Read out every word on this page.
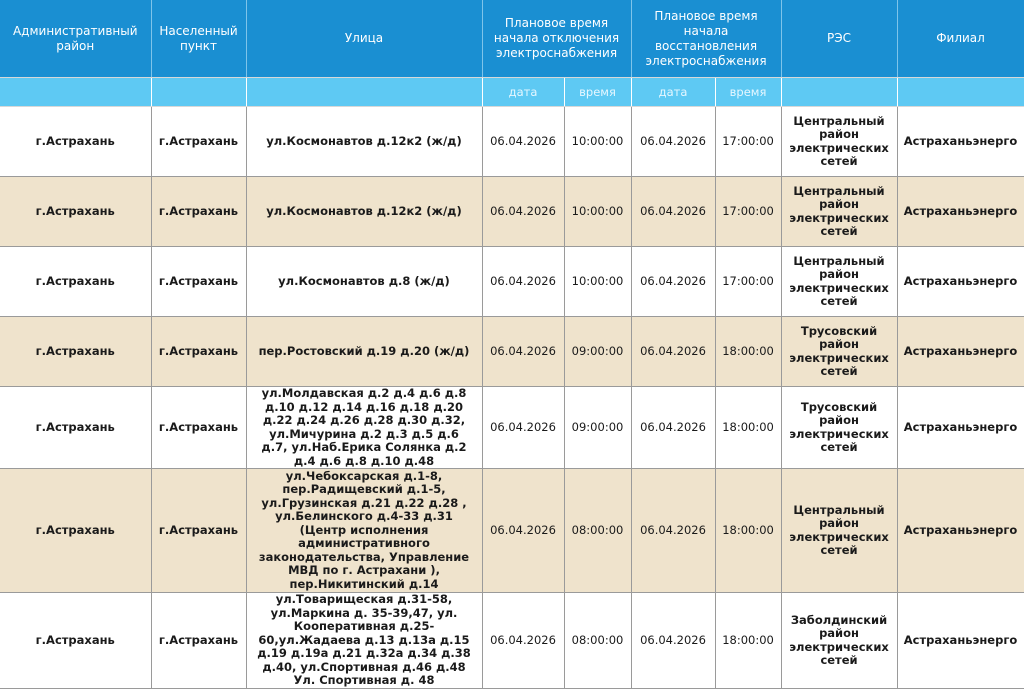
Административный район	Населенный пункт	Улица	Плановое время начала отключения электроснабжения		Плановое время начала восстановления электроснабжения		РЭС	Филиал
			дата	время	дата	время		
г.Астрахань	г.Астрахань	ул.Космонавтов д.12к2 (ж/д)	06.04.2026	10:00:00	06.04.2026	17:00:00	Центральный район электрических сетей	Астраханьэнерго
г.Астрахань	г.Астрахань	ул.Космонавтов д.12к2 (ж/д)	06.04.2026	10:00:00	06.04.2026	17:00:00	Центральный район электрических сетей	Астраханьэнерго
г.Астрахань	г.Астрахань	ул.Космонавтов д.8 (ж/д)	06.04.2026	10:00:00	06.04.2026	17:00:00	Центральный район электрических сетей	Астраханьэнерго
г.Астрахань	г.Астрахань	пер.Ростовский д.19 д.20 (ж/д)	06.04.2026	09:00:00	06.04.2026	18:00:00	Трусовский район электрических сетей	Астраханьэнерго
г.Астрахань	г.Астрахань	ул.Молдавская д.2 д.4 д.6 д.8 д.10 д.12 д.14 д.16 д.18 д.20 д.22 д.24 д.26 д.28 д.30 д.32, ул.Мичурина д.2 д.3 д.5 д.6 д.7, ул.Наб.Ерика Солянка д.2 д.4 д.6 д.8 д.10 д.48	06.04.2026	09:00:00	06.04.2026	18:00:00	Трусовский район электрических сетей	Астраханьэнерго
г.Астрахань	г.Астрахань	ул.Чебоксарская д.1-8, пер.Радищевский д.1-5, ул.Грузинская д.21 д.22 д.28 , ул.Белинского д.4-33 д.31 (Центр исполнения административного законодательства, Управление МВД по г. Астрахани ), пер.Никитинский д.14	06.04.2026	08:00:00	06.04.2026	18:00:00	Центральный район электрических сетей	Астраханьэнерго
г.Астрахань	г.Астрахань	ул.Товарищеская д.31-58, ул.Маркина д. 35-39,47, ул. Кооперативная д.25-60,ул.Жадаева д.13 д.13а д.15 д.19 д.19а д.21 д.32а д.34 д.38 д.40, ул.Спортивная д.46 д.48 Ул. Спортивная д. 48	06.04.2026	08:00:00	06.04.2026	18:00:00	Заболдинский район электрических сетей	Астраханьэнерго
